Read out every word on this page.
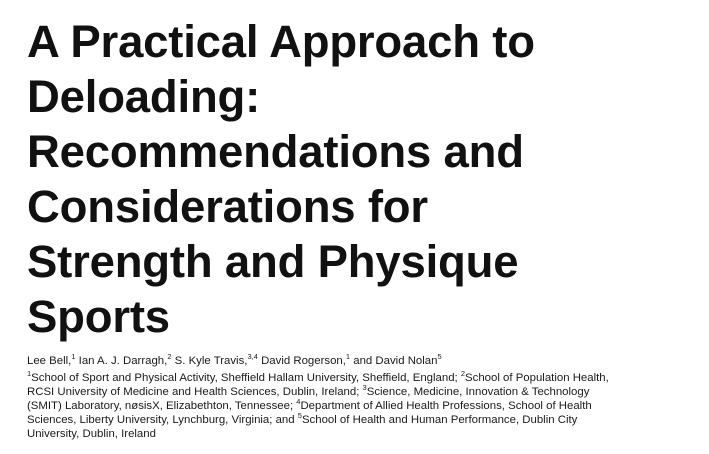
A Practical Approach to
Deloading:
Recommendations and
Considerations for
Strength and Physique
Sports
Lee Bell,$^1$ Ian A. J. Darragh,$^2$ S. Kyle Travis,$^{3,4}$ David Rogerson,$^1$ and David Nolan$^5$
$^1$School of Sport and Physical Activity, Sheffield Hallam University, Sheffield, England; $^2$School of Population Health,
RCSI University of Medicine and Health Sciences, Dublin, Ireland; $^3$Science, Medicine, Innovation & Technology
(SMIT) Laboratory, nøsisX, Elizabethton, Tennessee; $^4$Department of Allied Health Professions, School of Health
Sciences, Liberty University, Lynchburg, Virginia; and $^5$School of Health and Human Performance, Dublin City
University, Dublin, Ireland
